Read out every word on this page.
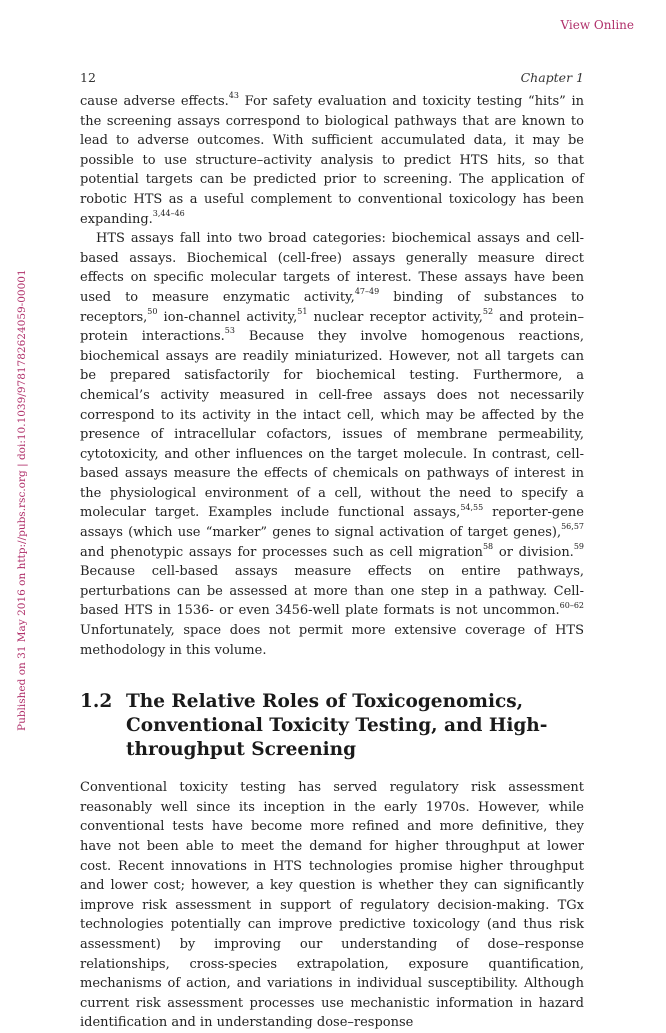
View Online
12	Chapter 1
Published on 31 May 2016 on http://pubs.rsc.org | doi:10.1039/9781782624059-00001

cause adverse effects.$^{43}$ For safety evaluation and toxicity testing “hits” in the screening assays correspond to biological pathways that are known to lead to adverse outcomes. With sufficient accumulated data, it may be possible to use structure–activity analysis to predict HTS hits, so that potential targets can be predicted prior to screening. The application of robotic HTS as a useful complement to conventional toxicology has been expanding.$^{3,44-46}$

HTS assays fall into two broad categories: biochemical assays and cell-based assays. Biochemical (cell-free) assays generally measure direct effects on specific molecular targets of interest. These assays have been used to measure enzymatic activity,$^{47-49}$ binding of substances to receptors,$^{50}$ ion-channel activity,$^{51}$ nuclear receptor activity,$^{52}$ and protein–protein interactions.$^{53}$ Because they involve homogenous reactions, biochemical assays are readily miniaturized. However, not all targets can be prepared satisfactorily for biochemical testing. Furthermore, a chemical’s activity measured in cell-free assays does not necessarily correspond to its activity in the intact cell, which may be affected by the presence of intracellular cofactors, issues of membrane permeability, cytotoxicity, and other influences on the target molecule. In contrast, cell-based assays measure the effects of chemicals on pathways of interest in the physiological environment of a cell, without the need to specify a molecular target. Examples include functional assays,$^{54,55}$ reporter-gene assays (which use “marker” genes to signal activation of target genes),$^{56,57}$ and phenotypic assays for processes such as cell migration$^{58}$ or division.$^{59}$ Because cell-based assays measure effects on entire pathways, perturbations can be assessed at more than one step in a pathway. Cell-based HTS in 1536- or even 3456-well plate formats is not uncommon.$^{60-62}$ Unfortunately, space does not permit more extensive coverage of HTS methodology in this volume.

1.2 The Relative Roles of Toxicogenomics, Conventional Toxicity Testing, and High-throughput Screening

Conventional toxicity testing has served regulatory risk assessment reasonably well since its inception in the early 1970s. However, while conventional tests have become more refined and more definitive, they have not been able to meet the demand for higher throughput at lower cost. Recent innovations in HTS technologies promise higher throughput and lower cost; however, a key question is whether they can significantly improve risk assessment in support of regulatory decision-making. TGx technologies potentially can improve predictive toxicology (and thus risk assessment) by improving our understanding of dose–response relationships, cross-species extrapolation, exposure quantification, mechanisms of action, and variations in individual susceptibility. Although current risk assessment processes use mechanistic information in hazard identification and in understanding dose–response
